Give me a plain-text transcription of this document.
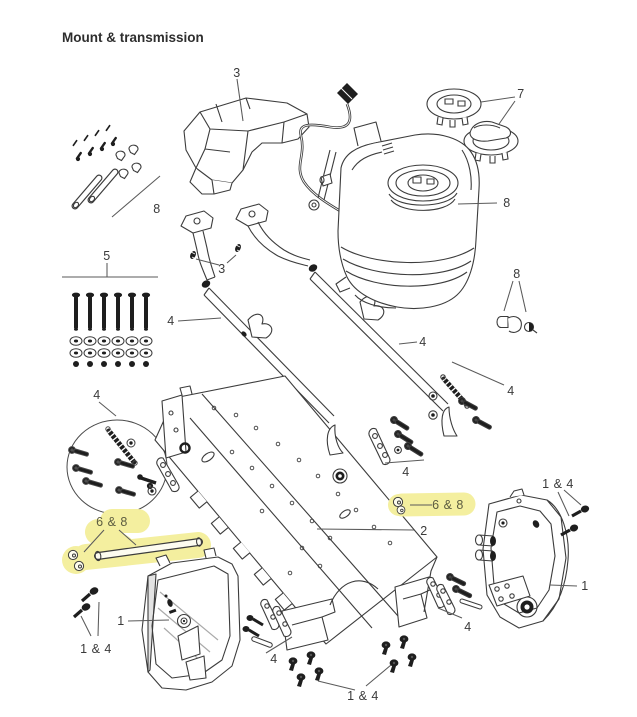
Mount & transmission
3
7
8	8
5
3
4
4
8
4
4
4
6 & 8
6 & 8
2
1 & 4
1
1
1 & 4
4
4
1 & 4
